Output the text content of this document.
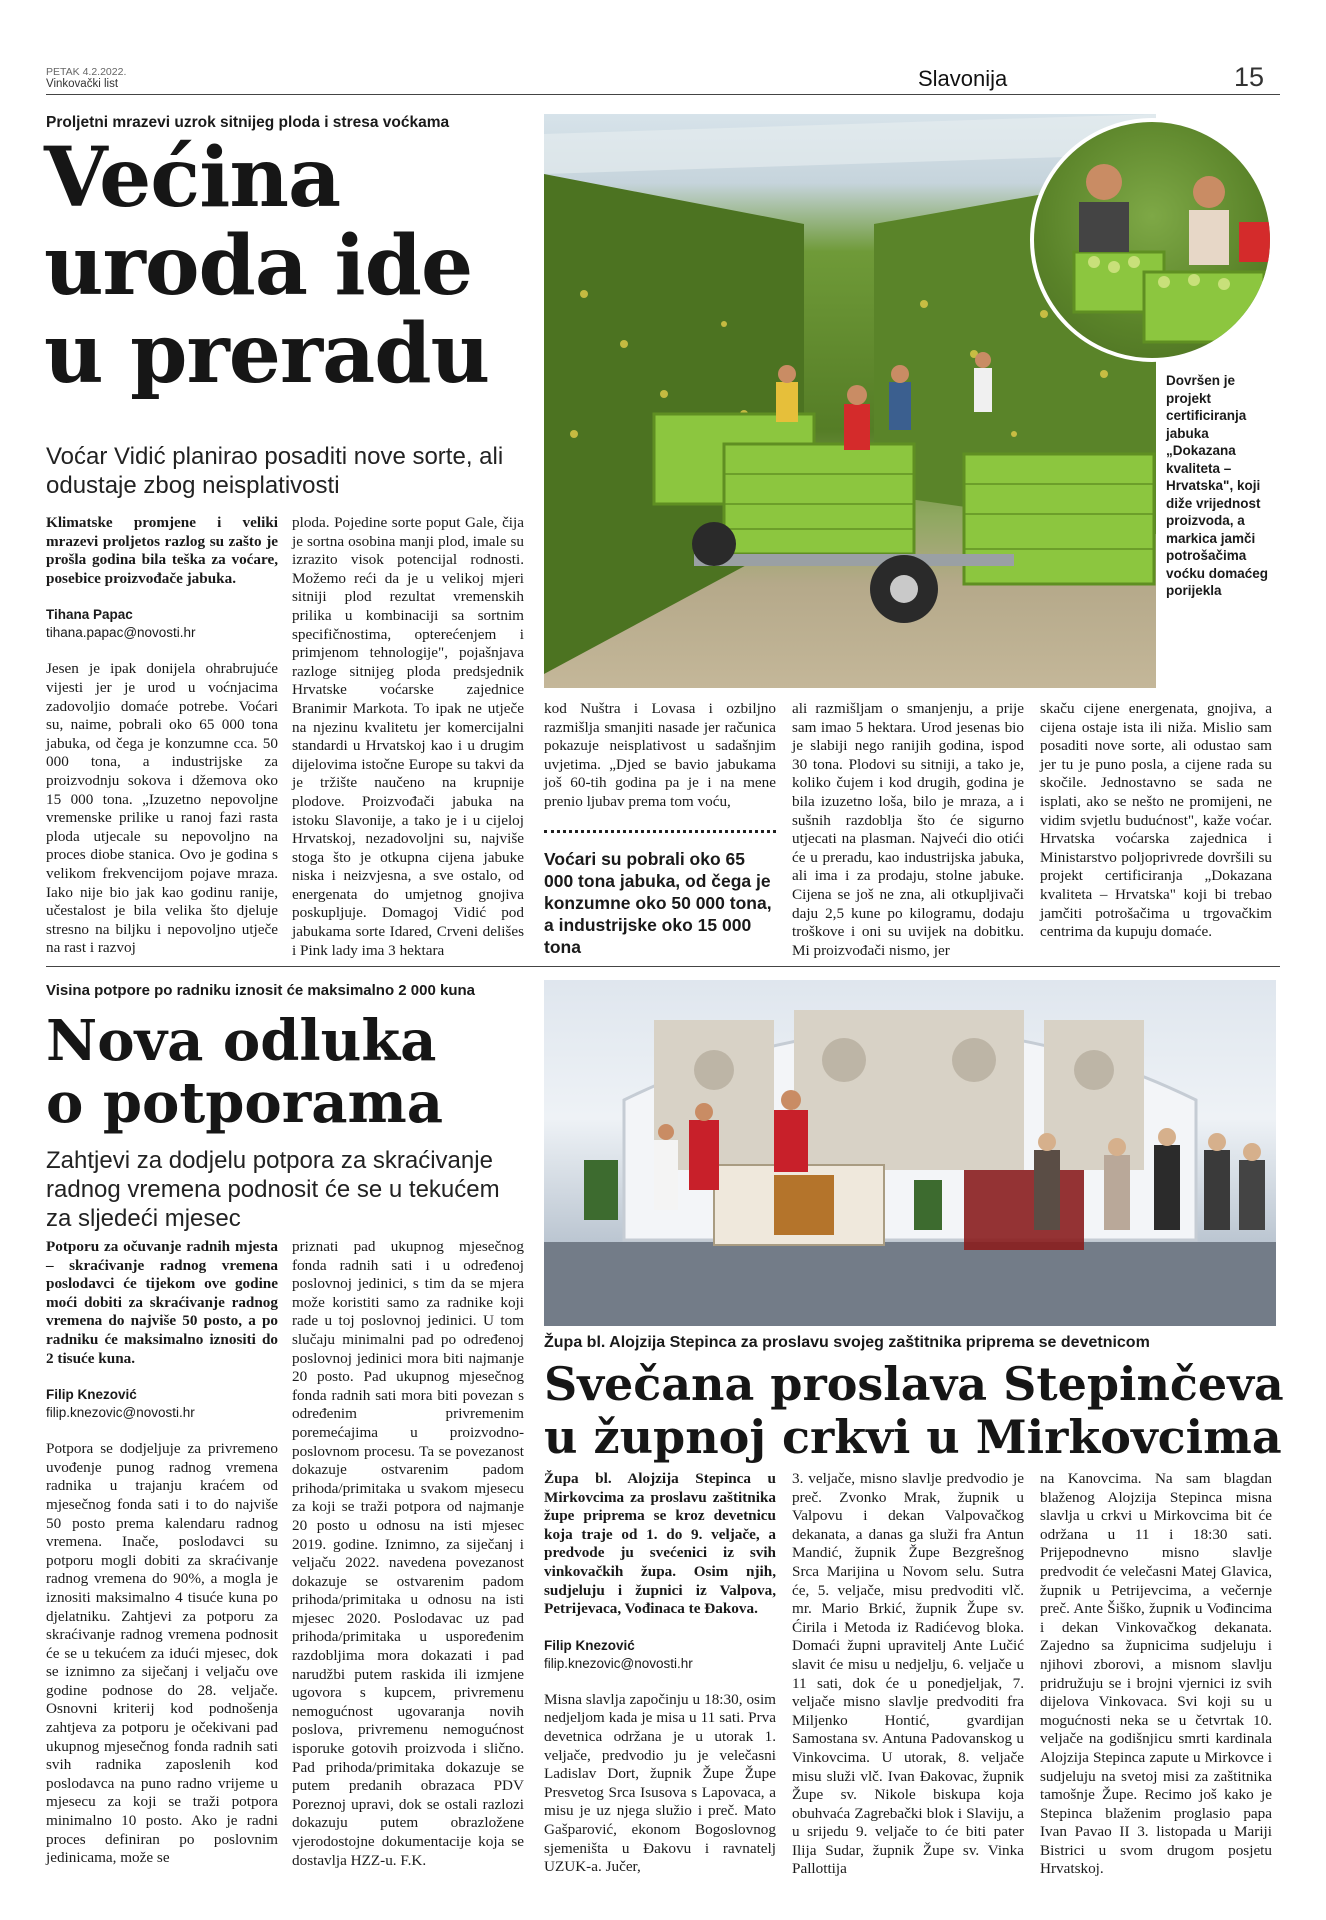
PETAK 4.2.2022.
Vinkovački list	Slavonija	15
Proljetni mrazevi uzrok sitnijeg ploda i stresa voćkama
Većina
uroda ide
u preradu
Voćar Vidić planirao posaditi nove sorte, ali odustaje zbog neisplativosti

Klimatske promjene i veliki mrazevi proljetos razlog su zašto je prošla godina bila teška za voćare, posebice proizvođače jabuka.

Tihana Papac
tihana.papac@novosti.hr

Jesen je ipak donijela ohrabrujuće vijesti jer je urod u voćnjacima zadovoljio domaće potrebe. Voćari su, naime, pobrali oko 65 000 tona jabuka, od čega je konzumne cca. 50 000 tona, a industrijske za proizvodnju sokova i džemova oko 15 000 tona. „Izuzetno nepovoljne vremenske prilike u ranoj fazi rasta ploda utjecale su nepovoljno na proces diobe stanica. Ovo je godina s velikom frekvencijom pojave mraza. Iako nije bio jak kao godinu ranije, učestalost je bila velika što djeluje stresno na biljku i nepovoljno utječe na rast i razvoj

ploda. Pojedine sorte poput Gale, čija je sortna osobina manji plod, imale su izrazito visok potencijal rodnosti. Možemo reći da je u velikoj mjeri sitniji plod rezultat vremenskih prilika u kombinaciji sa sortnim specifičnostima, opterećenjem i primjenom tehnologije", pojašnjava razloge sitnijeg ploda predsjednik Hrvatske voćarske zajednice Branimir Markota. To ipak ne utječe na njezinu kvalitetu jer komercijalni standardi u Hrvatskoj kao i u drugim dijelovima istočne Europe su takvi da je tržište naučeno na krupnije plodove. Proizvođači jabuka na istoku Slavonije, a tako je i u cijeloj Hrvatskoj, nezadovoljni su, najviše stoga što je otkupna cijena jabuke niska i neizvjesna, a sve ostalo, od energenata do umjetnog gnojiva poskupljuje. Domagoj Vidić pod jabukama sorte Idared, Crveni delišes i Pink lady ima 3 hektara

Dovršen je projekt certificiranja jabuka „Dokazana kvaliteta – Hrvatska", koji diže vrijednost proizvoda, a markica jamči potrošačima voćku domaćeg porijekla

kod Nuštra i Lovasa i ozbiljno razmišlja smanjiti nasade jer računica pokazuje neisplativost u sadašnjim uvjetima. „Djed se bavio jabukama još 60-tih godina pa je i na mene prenio ljubav prema tom voću,

Voćari su pobrali oko 65 000 tona jabuka, od čega je konzumne oko 50 000 tona, a industrijske oko 15 000 tona

ali razmišljam o smanjenju, a prije sam imao 5 hektara. Urod jesenas bio je slabiji nego ranijih godina, ispod 30 tona. Plodovi su sitniji, a tako je, koliko čujem i kod drugih, godina je bila izuzetno loša, bilo je mraza, a i sušnih razdoblja što će sigurno utjecati na plasman. Najveći dio otići će u preradu, kao industrijska jabuka, ali ima i za prodaju, stolne jabuke. Cijena se još ne zna, ali otkupljivači daju 2,5 kune po kilogramu, dodaju troškove i oni su uvijek na dobitku. Mi proizvođači nismo, jer

skaču cijene energenata, gnojiva, a cijena ostaje ista ili niža. Mislio sam posaditi nove sorte, ali odustao sam jer tu je puno posla, a cijene rada su skočile. Jednostavno se sada ne isplati, ako se nešto ne promijeni, ne vidim svjetlu budućnost", kaže voćar. Hrvatska voćarska zajednica i Ministarstvo poljoprivrede dovršili su projekt certificiranja „Dokazana kvaliteta – Hrvatska" koji bi trebao jamčiti potrošačima u trgovačkim centrima da kupuju domaće.

Visina potpore po radniku iznosit će maksimalno 2 000 kuna
Nova odluka
o potporama
Zahtjevi za dodjelu potpora za skraćivanje radnog vremena podnosit će se u tekućem za sljedeći mjesec

Potporu za očuvanje radnih mjesta – skraćivanje radnog vremena poslodavci će tijekom ove godine moći dobiti za skraćivanje radnog vremena do najviše 50 posto, a po radniku će maksimalno iznositi do 2 tisuće kuna.

Filip Knezović
filip.knezovic@novosti.hr

Potpora se dodjeljuje za privremeno uvođenje punog radnog vremena radnika u trajanju kraćem od mjesečnog fonda sati i to do najviše 50 posto prema kalendaru radnog vremena. Inače, poslodavci su potporu mogli dobiti za skraćivanje radnog vremena do 90%, a mogla je iznositi maksimalno 4 tisuće kuna po djelatniku. Zahtjevi za potporu za skraćivanje radnog vremena podnosit će se u tekućem za idući mjesec, dok se iznimno za siječanj i veljaču ove godine podnose do 28. veljače. Osnovni kriterij kod podnošenja zahtjeva za potporu je očekivani pad ukupnog mjesečnog fonda radnih sati svih radnika zaposlenih kod poslodavca na puno radno vrijeme u mjesecu za koji se traži potpora minimalno 10 posto. Ako je radni proces definiran po poslovnim jedinicama, može se

priznati pad ukupnog mjesečnog fonda radnih sati i u određenoj poslovnoj jedinici, s tim da se mjera može koristiti samo za radnike koji rade u toj poslovnoj jedinici. U tom slučaju minimalni pad po određenoj poslovnoj jedinici mora biti najmanje 20 posto. Pad ukupnog mjesečnog fonda radnih sati mora biti povezan s određenim privremenim poremećajima u proizvodno-poslovnom procesu. Ta se povezanost dokazuje ostvarenim padom prihoda/primitaka u svakom mjesecu za koji se traži potpora od najmanje 20 posto u odnosu na isti mjesec 2019. godine. Iznimno, za siječanj i veljaču 2022. navedena povezanost dokazuje se ostvarenim padom prihoda/primitaka u odnosu na isti mjesec 2020. Poslodavac uz pad prihoda/primitaka u uspoređenim razdobljima mora dokazati i pad narudžbi putem raskida ili izmjene ugovora s kupcem, privremenu nemogućnost ugovaranja novih poslova, privremenu nemogućnost isporuke gotovih proizvoda i slično. Pad prihoda/primitaka dokazuje se putem predanih obrazaca PDV Poreznoj upravi, dok se ostali razlozi dokazuju putem obrazložene vjerodostojne dokumentacije koja se dostavlja HZZ-u. F.K.

Župa bl. Alojzija Stepinca za proslavu svojeg zaštitnika priprema se devetnicom
Svečana proslava Stepinčeva
u župnoj crkvi u Mirkovcima

Župa bl. Alojzija Stepinca u Mirkovcima za proslavu zaštitnika župe priprema se kroz devetnicu koja traje od 1. do 9. veljače, a predvode ju svećenici iz svih vinkovačkih župa. Osim njih, sudjeluju i župnici iz Valpova, Petrijevaca, Vođinaca te Đakova.

Filip Knezović
filip.knezovic@novosti.hr

Misna slavlja započinju u 18:30, osim nedjeljom kada je misa u 11 sati. Prva devetnica održana je u utorak 1. veljače, predvodio ju je velečasni Ladislav Dort, župnik Župe Župe Presvetog Srca Isusova s Lapovaca, a misu je uz njega služio i preč. Mato Gašparović, ekonom Bogoslovnog sjemeništa u Đakovu i ravnatelj UZUK-a. Jučer,

3. veljače, misno slavlje predvodio je preč. Zvonko Mrak, župnik u Valpovu i dekan Valpovačkog dekanata, a danas ga služi fra Antun Mandić, župnik Župe Bezgrešnog Srca Marijina u Novom selu. Sutra će, 5. veljače, misu predvoditi vlč. mr. Mario Brkić, župnik Župe sv. Ćirila i Metoda iz Radićevog bloka. Domaći župni upravitelj Ante Lučić slavit će misu u nedjelju, 6. veljače u 11 sati, dok će u ponedjeljak, 7. veljače misno slavlje predvoditi fra Miljenko Hontić, gvardijan Samostana sv. Antuna Padovanskog u Vinkovcima. U utorak, 8. veljače misu služi vlč. Ivan Đakovac, župnik Župe sv. Nikole biskupa koja obuhvaća Zagrebački blok i Slaviju, a u srijedu 9. veljače to će biti pater Ilija Sudar, župnik Župe sv. Vinka Pallottija

na Kanovcima. Na sam blagdan blaženog Alojzija Stepinca misna slavlja u crkvi u Mirkovcima bit će održana u 11 i 18:30 sati. Prijepodnevno misno slavlje predvodit će velečasni Matej Glavica, župnik u Petrijevcima, a večernje preč. Ante Šiško, župnik u Vođincima i dekan Vinkovačkog dekanata. Zajedno sa župnicima sudjeluju i njihovi zborovi, a misnom slavlju pridružuju se i brojni vjernici iz svih dijelova Vinkovaca. Svi koji su u mogućnosti neka se u četvrtak 10. veljače na godišnjicu smrti kardinala Alojzija Stepinca zapute u Mirkovce i sudjeluju na svetoj misi za zaštitnika tamošnje Župe. Recimo još kako je Stepinca blaženim proglasio papa Ivan Pavao II 3. listopada u Mariji Bistrici u svom drugom posjetu Hrvatskoj.
